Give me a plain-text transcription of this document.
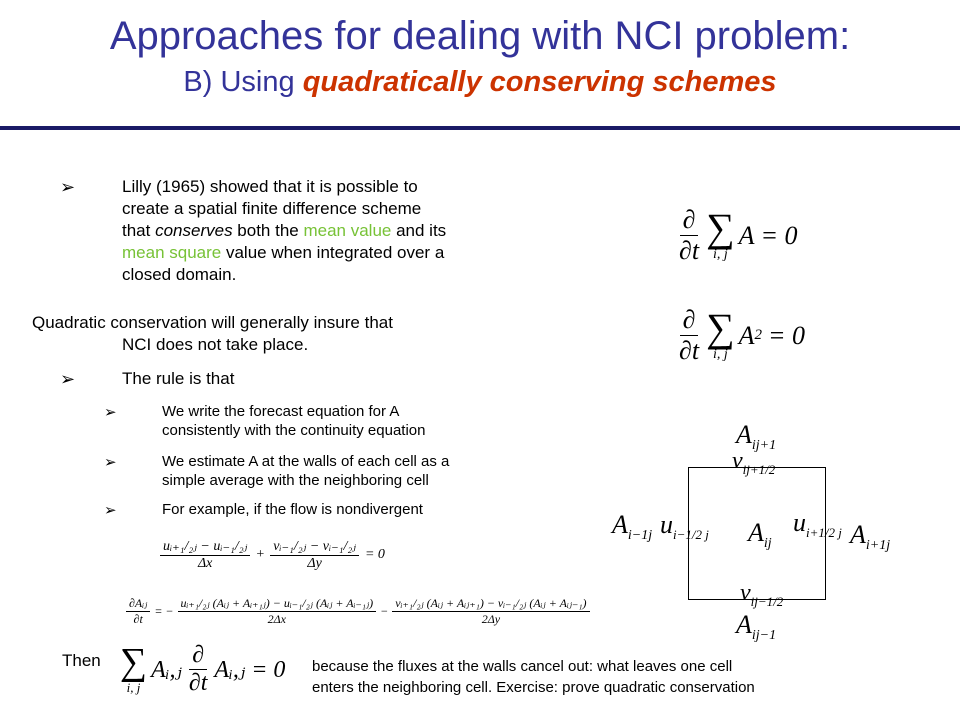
Approaches for dealing with NCI problem:
B) Using quadratically conserving schemes
➢	Lilly (1965) showed that it is possible to
create a spatial finite difference scheme
that conserves both the mean value and its
mean square value when integrated over a
closed domain.
Quadratic conservation will generally insure that
NCI does not take place.
➢	The rule is that
➢	We write the forecast equation for A
consistently with the continuity equation
➢	We estimate A at the walls of each cell as a
simple average with the neighboring cell
➢	For example, if the flow is nondivergent
$\frac{\partial}{\partial t}$ ∑
i, j
A = 0
$\frac{\partial}{\partial t}$ ∑
i, j
A 2 = 0
$A_{ij+1}$
$v_{ij+1/2}$
$A_{i-1j}$ $u_{i-1/2 j}$ $A_{ij}$
$u_{i+1/2 j}$ $A_{i+1j}$
$v_{ij-1/2}$
$A_{ij-1}$
$\frac{\text{uᵢ₊₁/₂ⱼ − uᵢ₋₁/₂ⱼ}}{\Delta x} + \frac{\text{vᵢ₋₁/₂ⱼ − vᵢ₋₁/₂ⱼ}}{\Delta y} = 0$
$\frac{\text{∂Aᵢⱼ}}{\partial t}$ = − $\frac{\text{uᵢ₊₁/₂ⱼ (Aᵢⱼ + Aᵢ₊₁ⱼ) − uᵢ₋₁/₂ⱼ (Aᵢⱼ + Aᵢ₋₁ⱼ)}}{2\Delta x} - \frac{\text{vᵢ₊₁/₂ⱼ (Aᵢⱼ + Aᵢⱼ₊₁) − vᵢ₋₁/₂ⱼ (Aᵢⱼ + Aᵢⱼ₋₁)}}{2\Delta y}$
Then ∑
i, j
Aᵢ,ⱼ $\frac{\partial}{\partial t}$ Aᵢ,ⱼ = 0 because the fluxes at the walls cancel out: what leaves one cell
enters the neighboring cell. Exercise: prove quadratic conservation
